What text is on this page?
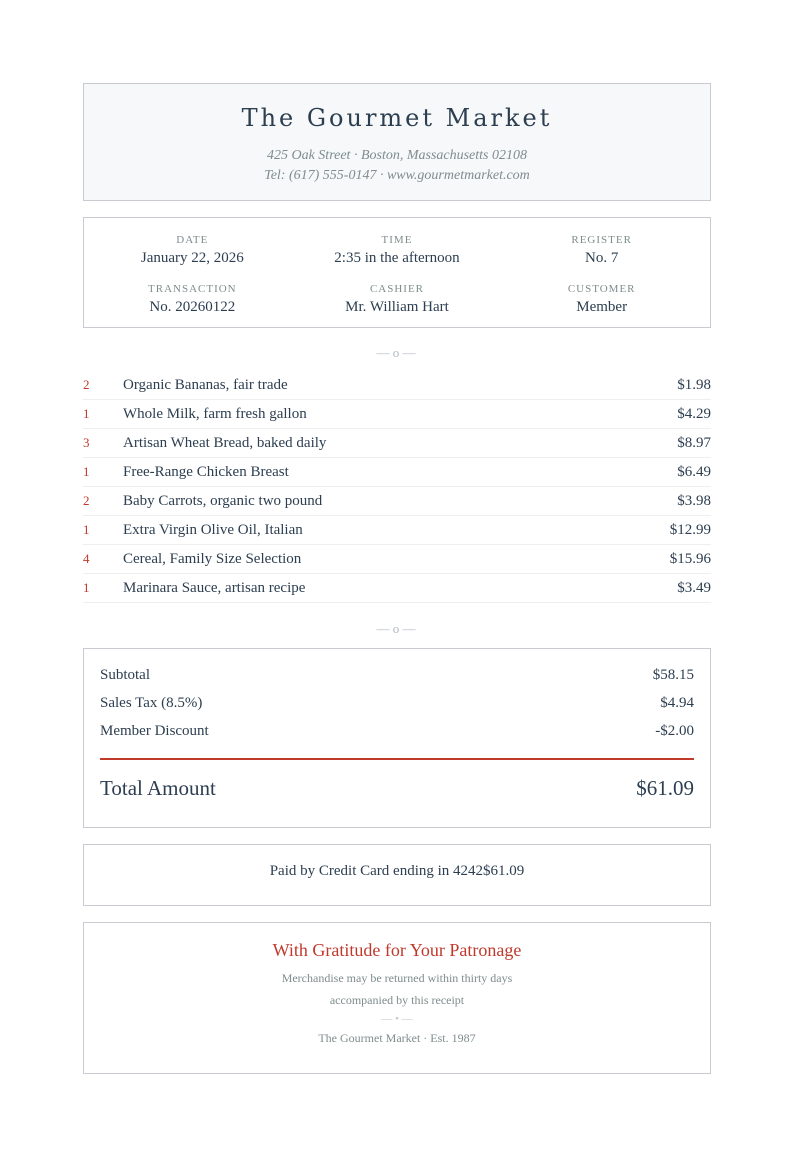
The Gourmet Market
425 Oak Street · Boston, Massachusetts 02108
Tel: (617) 555-0147 · www.gourmetmarket.com
DATE
January 22, 2026
TIME
2:35 in the afternoon
REGISTER
No. 7
TRANSACTION
No. 20260122
CASHIER
Mr. William Hart
CUSTOMER
Member
— o —
2	Organic Bananas, fair trade	$1.98
1	Whole Milk, farm fresh gallon	$4.29
3	Artisan Wheat Bread, baked daily	$8.97
1	Free-Range Chicken Breast	$6.49
2	Baby Carrots, organic two pound	$3.98
1	Extra Virgin Olive Oil, Italian	$12.99
4	Cereal, Family Size Selection	$15.96
1	Marinara Sauce, artisan recipe	$3.49
— o —
Subtotal	$58.15
Sales Tax (8.5%)	$4.94
Member Discount	-$2.00
Total Amount	$61.09
Paid by Credit Card ending in 4242$61.09
With Gratitude for Your Patronage
Merchandise may be returned within thirty days
accompanied by this receipt
— • —
The Gourmet Market · Est. 1987
